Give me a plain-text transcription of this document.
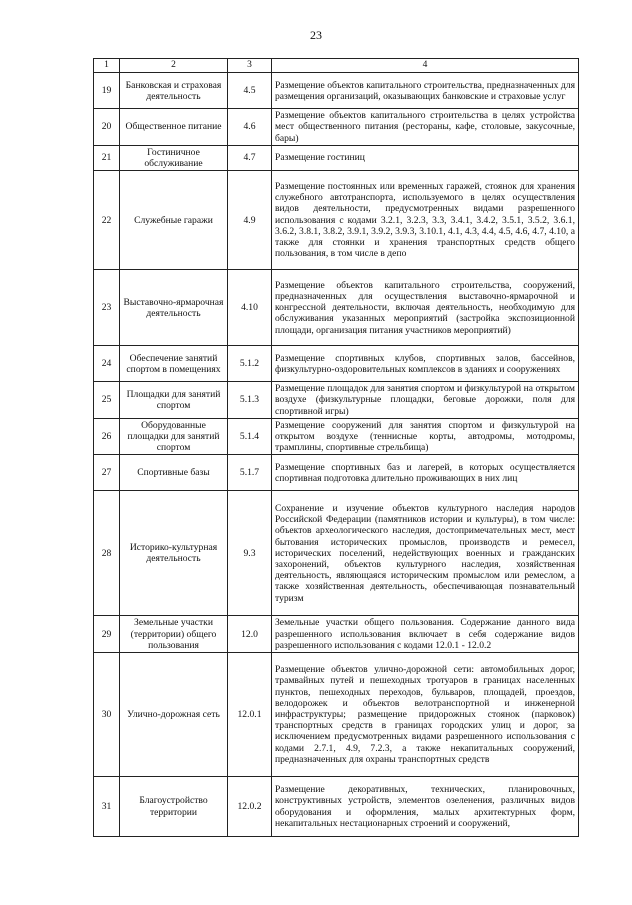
23
1	2	3	4
19	Банковская и страховая деятельность	4.5	Размещение объектов капитального строительства, предназначенных для размещения организаций, оказывающих банковские и страховые услуг
20	Общественное питание	4.6	Размещение объектов капитального строительства в целях устройства мест общественного питания (рестораны, кафе, столовые, закусочные, бары)
21	Гостиничное обслуживание	4.7	Размещение гостиниц
22	Служебные гаражи	4.9	Размещение постоянных или временных гаражей, стоянок для хранения служебного автотранспорта, используемого в целях осуществления видов деятельности, предусмотренных видами разрешенного использования с кодами 3.2.1, 3.2.3, 3.3, 3.4.1, 3.4.2, 3.5.1, 3.5.2, 3.6.1, 3.6.2, 3.8.1, 3.8.2, 3.9.1, 3.9.2, 3.9.3, 3.10.1, 4.1, 4.3, 4.4, 4.5, 4.6, 4.7, 4.10, а также для стоянки и хранения транспортных средств общего пользования, в том числе в депо
23	Выставочно-ярмарочная деятельность	4.10	Размещение объектов капитального строительства, сооружений, предназначенных для осуществления выставочно-ярмарочной и конгрессной деятельности, включая деятельность, необходимую для обслуживания указанных мероприятий (застройка экспозиционной площади, организация питания участников мероприятий)
24	Обеспечение занятий спортом в помещениях	5.1.2	Размещение спортивных клубов, спортивных залов, бассейнов, физкультурно-оздоровительных комплексов в зданиях и сооружениях
25	Площадки для занятий спортом	5.1.3	Размещение площадок для занятия спортом и физкультурой на открытом воздухе (физкультурные площадки, беговые дорожки, поля для спортивной игры)
26	Оборудованные площадки для занятий спортом	5.1.4	Размещение сооружений для занятия спортом и физкультурой на открытом воздухе (теннисные корты, автодромы, мотодромы, трамплины, спортивные стрельбища)
27	Спортивные базы	5.1.7	Размещение спортивных баз и лагерей, в которых осуществляется спортивная подготовка длительно проживающих в них лиц
28	Историко-культурная деятельность	9.3	Сохранение и изучение объектов культурного наследия народов Российской Федерации (памятников истории и культуры), в том числе: объектов археологического наследия, достопримечательных мест, мест бытования исторических промыслов, производств и ремесел, исторических поселений, недействующих военных и гражданских захоронений, объектов культурного наследия, хозяйственная деятельность, являющаяся историческим промыслом или ремеслом, а также хозяйственная деятельность, обеспечивающая познавательный туризм
29	Земельные участки (территории) общего пользования	12.0	Земельные участки общего пользования. Содержание данного вида разрешенного использования включает в себя содержание видов разрешенного использования с кодами 12.0.1 - 12.0.2
30	Улично-дорожная сеть	12.0.1	Размещение объектов улично-дорожной сети: автомобильных дорог, трамвайных путей и пешеходных тротуаров в границах населенных пунктов, пешеходных переходов, бульваров, площадей, проездов, велодорожек и объектов велотранспортной и инженерной инфраструктуры; размещение придорожных стоянок (парковок) транспортных средств в границах городских улиц и дорог, за исключением предусмотренных видами разрешенного использования с кодами 2.7.1, 4.9, 7.2.3, а также некапитальных сооружений, предназначенных для охраны транспортных средств
31	Благоустройство территории	12.0.2	Размещение декоративных, технических, планировочных, конструктивных устройств, элементов озеленения, различных видов оборудования и оформления, малых архитектурных форм, некапитальных нестационарных строений и сооружений,
